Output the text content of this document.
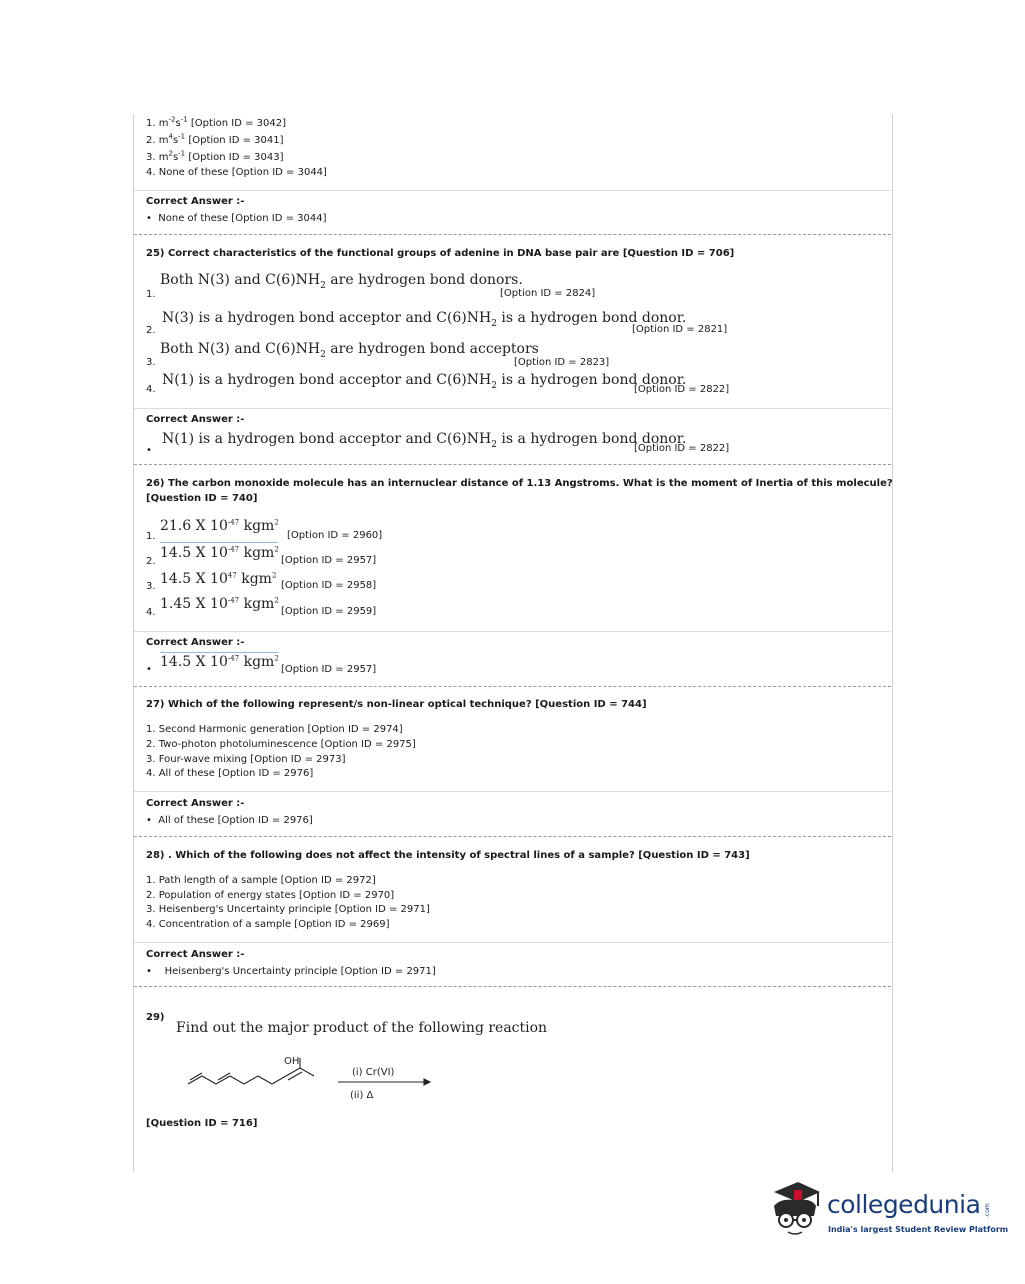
1. $m^{-2}s^{-1}$ [Option ID = 3042]
2. $m^4s^{-1}$ [Option ID = 3041]
3. $m^2s^{-1}$ [Option ID = 3043]
4. None of these [Option ID = 3044]
Correct Answer :-
•  None of these [Option ID = 3044]
25) Correct characteristics of the functional groups of adenine in DNA base pair are [Question ID = 706]
Both N(3) and $C(6)NH_2$ are hydrogen bond donors.
1.	[Option ID = 2824]
N(3) is a hydrogen bond acceptor and $C(6)NH_2$ is a hydrogen bond donor.
2.	[Option ID = 2821]
Both N(3) and $C(6)NH_2$ are hydrogen bond acceptors
3.	[Option ID = 2823]
N(1) is a hydrogen bond acceptor and $C(6)NH_2$ is a hydrogen bond donor.
4.	[Option ID = 2822]
Correct Answer :-
•
N(1) is a hydrogen bond acceptor and $C(6)NH_2$ is a hydrogen bond donor.
[Option ID = 2822]
26) The carbon monoxide molecule has an internuclear distance of 1.13 Angstroms. What is the moment of Inertia of this molecule?
[Question ID = 740]
1.
21.6 X $10^{-47}$ kgm$^2$
[Option ID = 2960]
2.
14.5 X $10^{-47}$ kgm$^2$
[Option ID = 2957]
3. 14.5 X $10^{47}$ kgm$^2$
[Option ID = 2958]
4.
1.45 X $10^{-47}$ kgm$^2$
[Option ID = 2959]
Correct Answer :-
• 14.5 X $10^{-47}$ kgm$^2$
[Option ID = 2957]
27) Which of the following represent/s non-linear optical technique? [Question ID = 744]
1. Second Harmonic generation [Option ID = 2974]
2. Two-photon photoluminescence [Option ID = 2975]
3. Four-wave mixing [Option ID = 2973]
4. All of these [Option ID = 2976]
Correct Answer :-
•  All of these [Option ID = 2976]
28) . Which of the following does not affect the intensity of spectral lines of a sample? [Question ID = 743]
1. Path length of a sample [Option ID = 2972]
2. Population of energy states [Option ID = 2970]
3. Heisenberg's Uncertainty principle [Option ID = 2971]
4. Concentration of a sample [Option ID = 2969]
Correct Answer :-
•    Heisenberg's Uncertainty principle [Option ID = 2971]
29)
Find out the major product of the following reaction
OH
(i) Cr(VI)
(ii) Δ
[Question ID = 716]
collegedunia .com
India's largest Student Review Platform
